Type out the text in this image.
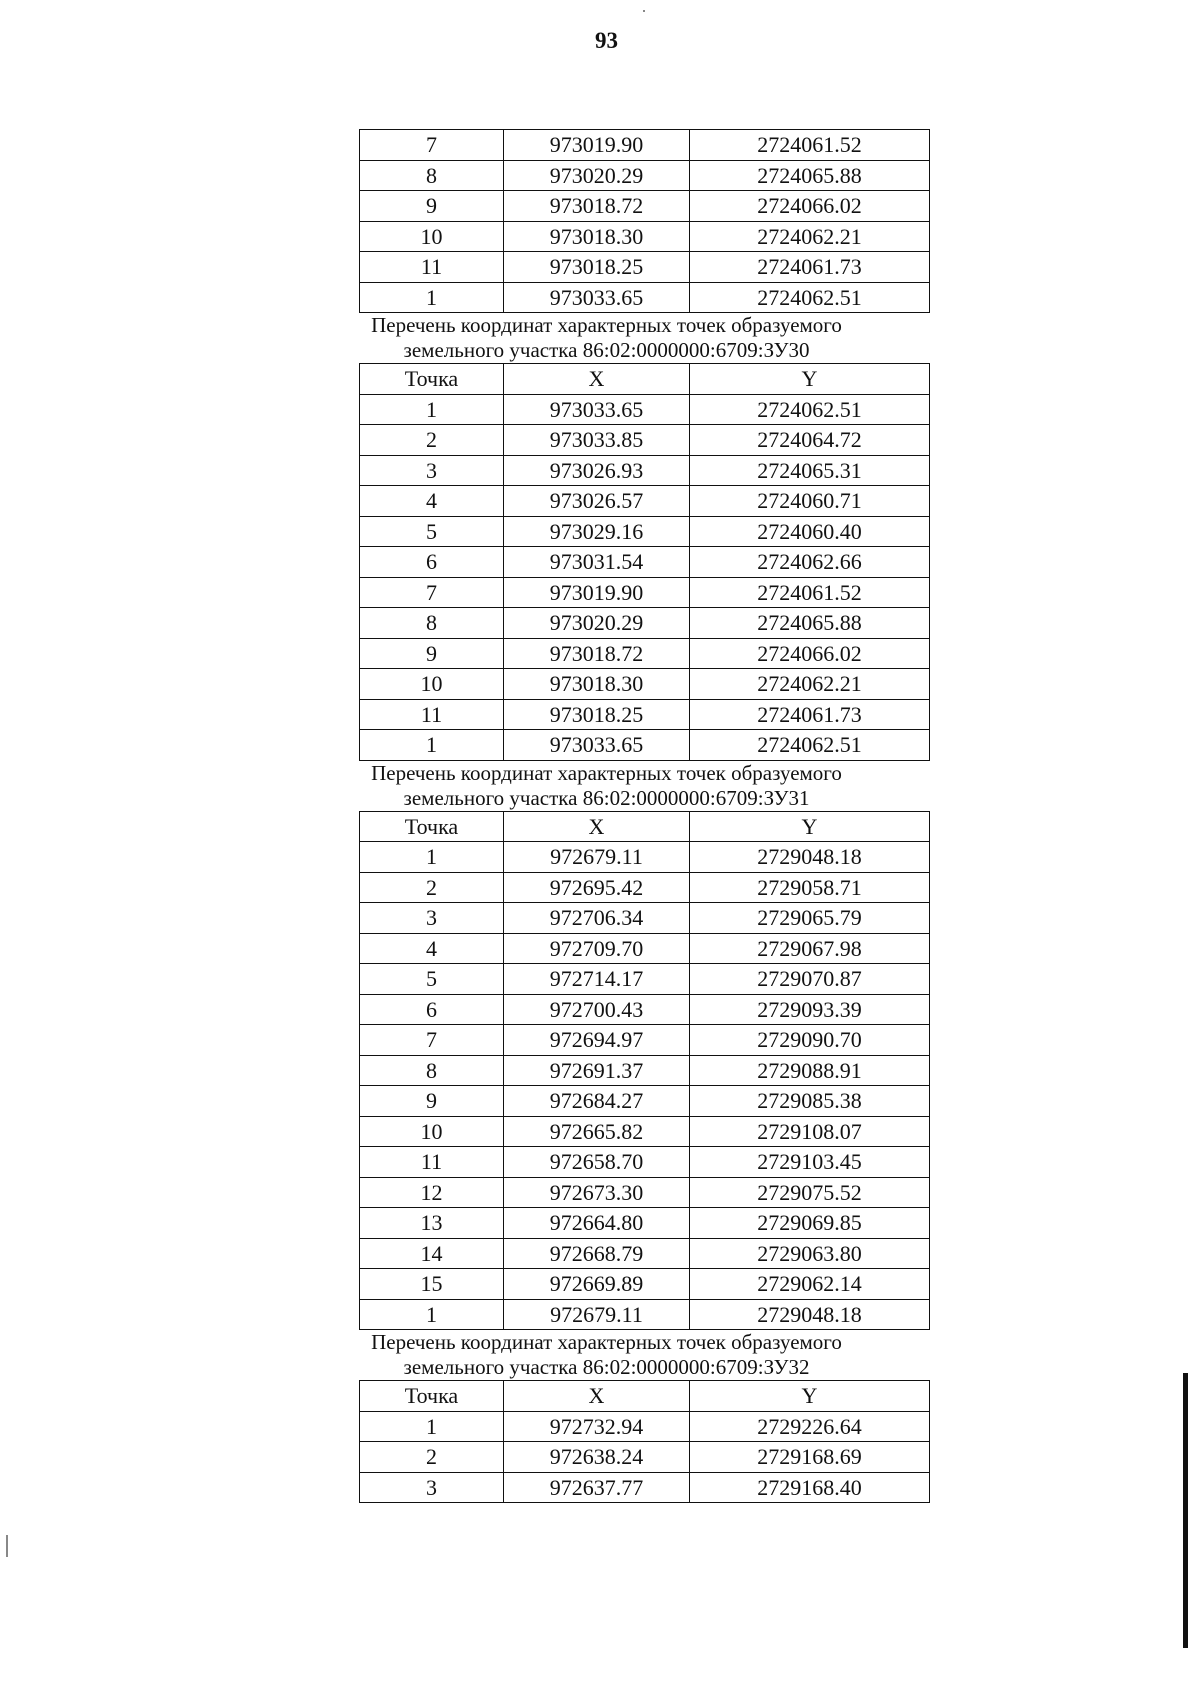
93
7	973019.90	2724061.52
8	973020.29	2724065.88
9	973018.72	2724066.02
10	973018.30	2724062.21
11	973018.25	2724061.73
1	973033.65	2724062.51

Перечень координат характерных точек образуемого
земельного участка 86:02:0000000:6709:ЗУ30

Точка	X	Y
1	973033.65	2724062.51
2	973033.85	2724064.72
3	973026.93	2724065.31
4	973026.57	2724060.71
5	973029.16	2724060.40
6	973031.54	2724062.66
7	973019.90	2724061.52
8	973020.29	2724065.88
9	973018.72	2724066.02
10	973018.30	2724062.21
11	973018.25	2724061.73
1	973033.65	2724062.51

Перечень координат характерных точек образуемого
земельного участка 86:02:0000000:6709:ЗУ31

Точка	X	Y
1	972679.11	2729048.18
2	972695.42	2729058.71
3	972706.34	2729065.79
4	972709.70	2729067.98
5	972714.17	2729070.87
6	972700.43	2729093.39
7	972694.97	2729090.70
8	972691.37	2729088.91
9	972684.27	2729085.38
10	972665.82	2729108.07
11	972658.70	2729103.45
12	972673.30	2729075.52
13	972664.80	2729069.85
14	972668.79	2729063.80
15	972669.89	2729062.14
1	972679.11	2729048.18

Перечень координат характерных точек образуемого
земельного участка 86:02:0000000:6709:ЗУ32

Точка	X	Y
1	972732.94	2729226.64
2	972638.24	2729168.69
3	972637.77	2729168.40
